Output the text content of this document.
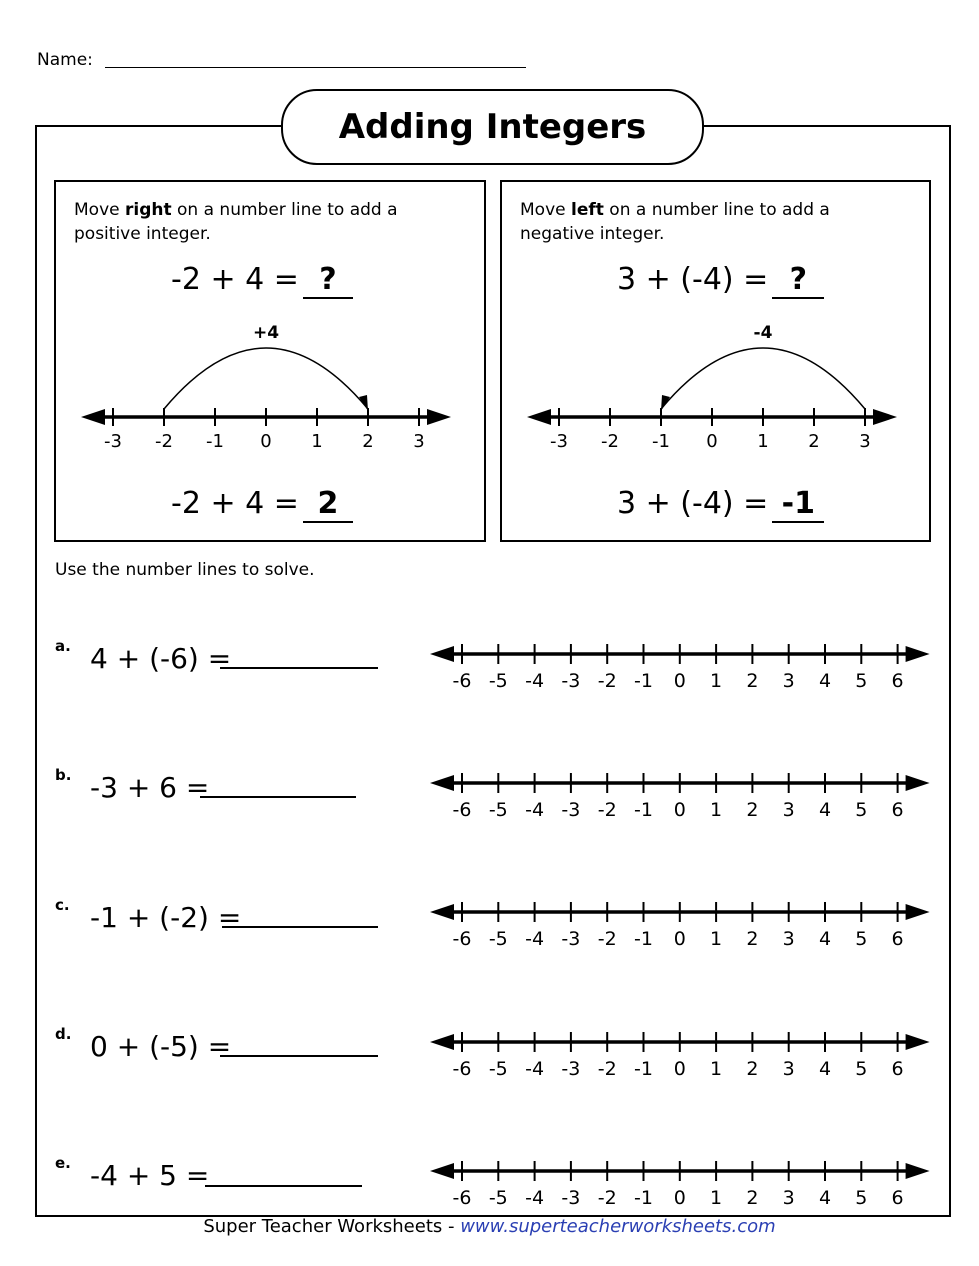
Name:
Adding Integers
Move right on a number line to add a positive integer.
-2 + 4 = ?
+4
-3 -2 -1 0 1 2 3
-2 + 4 = 2
Move left on a number line to add a negative integer.
3 + (-4) = ?
-4
-3 -2 -1 0 1 2 3
3 + (-4) = -1
Use the number lines to solve.
a. 4 + (-6) =
-6 -5 -4 -3 -2 -1 0 1 2 3 4 5 6
b. -3 + 6 =
-6 -5 -4 -3 -2 -1 0 1 2 3 4 5 6
c. -1 + (-2) =
-6 -5 -4 -3 -2 -1 0 1 2 3 4 5 6
d. 0 + (-5) =
-6 -5 -4 -3 -2 -1 0 1 2 3 4 5 6
e. -4 + 5 =
-6 -5 -4 -3 -2 -1 0 1 2 3 4 5 6
Super Teacher Worksheets - www.superteacherworksheets.com
